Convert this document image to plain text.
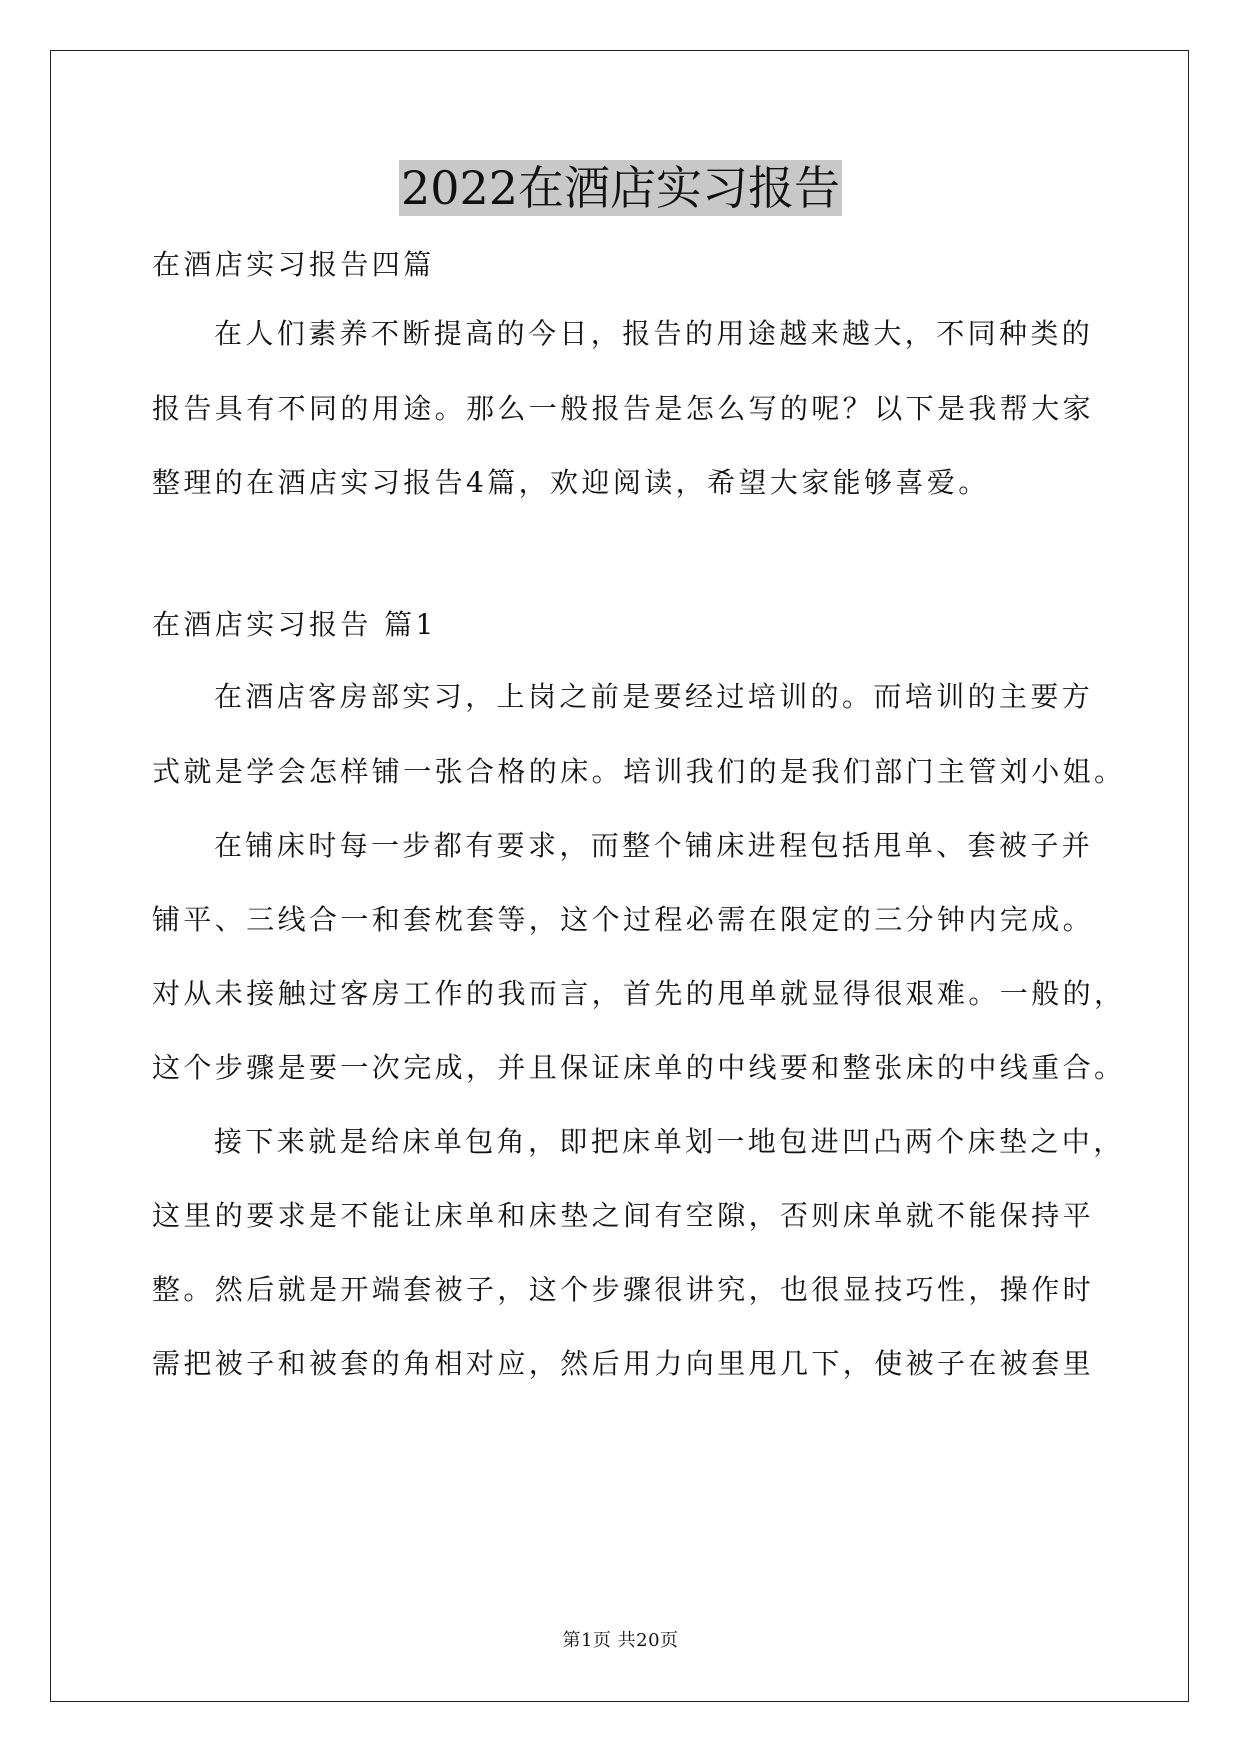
2022在酒店实习报告
在酒店实习报告四篇
在人们素养不断提高的今日，报告的用途越来越大，不同种类的
报告具有不同的用途。那么一般报告是怎么写的呢？以下是我帮大家
整理的在酒店实习报告4篇，欢迎阅读，希望大家能够喜爱。
在酒店实习报告 篇1
在酒店客房部实习，上岗之前是要经过培训的。而培训的主要方
式就是学会怎样铺一张合格的床。培训我们的是我们部门主管刘小姐。
在铺床时每一步都有要求，而整个铺床进程包括甩单、套被子并
铺平、三线合一和套枕套等，这个过程必需在限定的三分钟内完成。
对从未接触过客房工作的我而言，首先的甩单就显得很艰难。一般的，
这个步骤是要一次完成，并且保证床单的中线要和整张床的中线重合。
接下来就是给床单包角，即把床单划一地包进凹凸两个床垫之中，
这里的要求是不能让床单和床垫之间有空隙，否则床单就不能保持平
整。然后就是开端套被子，这个步骤很讲究，也很显技巧性，操作时
需把被子和被套的角相对应，然后用力向里甩几下，使被子在被套里
第1页 共20页
